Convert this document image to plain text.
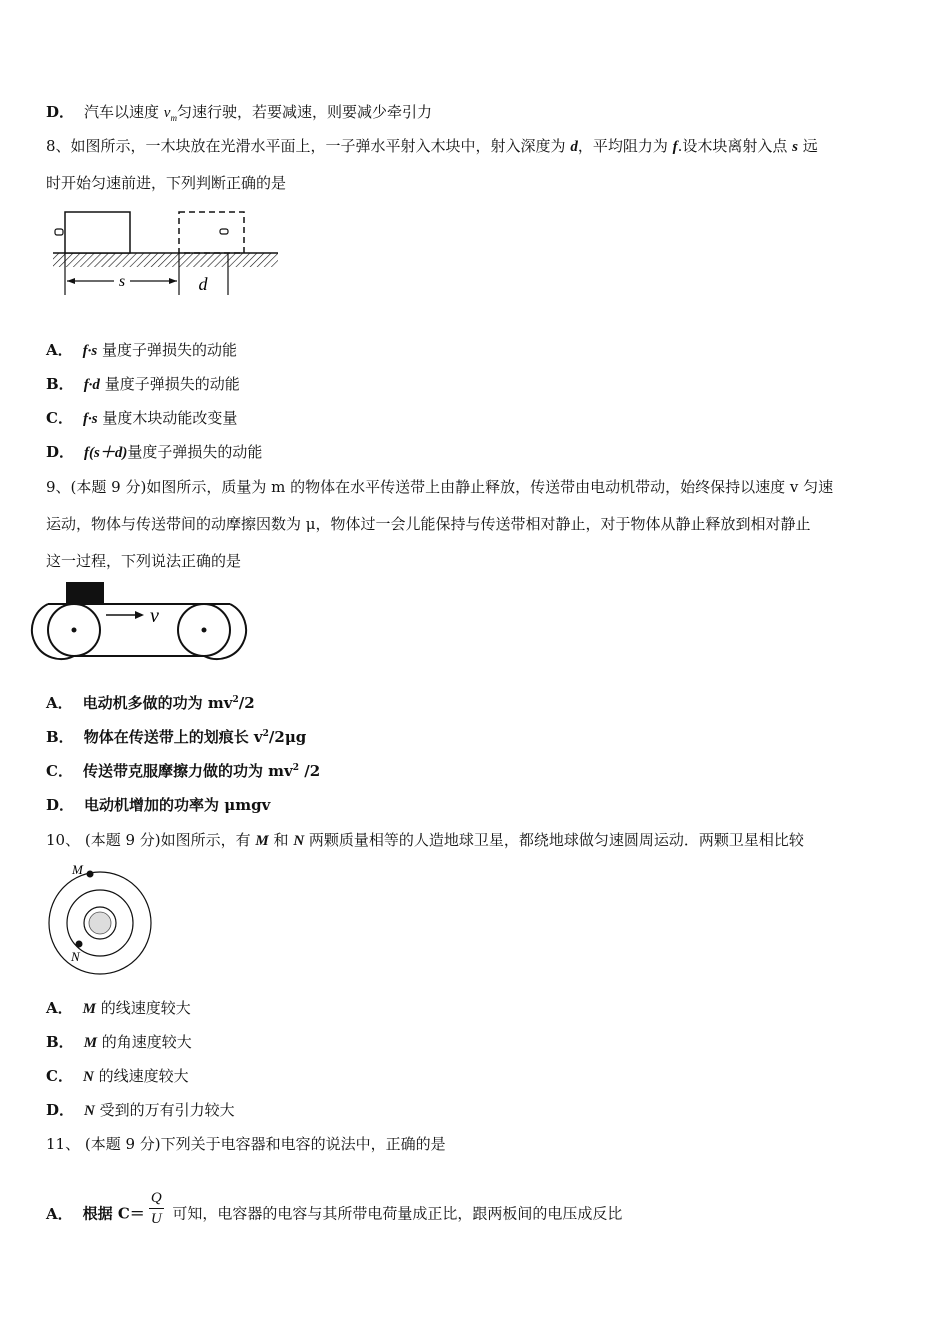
D． 汽车以速度 $v_m$匀速行驶，若要减速，则要减少牵引力
8、如图所示，一木块放在光滑水平面上，一子弹水平射入木块中，射入深度为 d，平均阻力为 f.设木块离射入点 s 远
时开始匀速前进，下列判断正确的是
s	d
A． f·s 量度子弹损失的动能
B． f·d 量度子弹损失的动能
C． f·s 量度木块动能改变量
D． f(s＋d)量度子弹损失的动能
9、(本题 9 分)如图所示，质量为 m 的物体在水平传送带上由静止释放，传送带由电动机带动，始终保持以速度 v 匀速
运动，物体与传送带间的动摩擦因数为 μ，物体过一会儿能保持与传送带相对静止，对于物体从静止释放到相对静止
这一过程，下列说法正确的是
v
A． 电动机多做的功为 $mv^2/2$
B． 物体在传送带上的划痕长 $v^2/2\mu g$
C． 传送带克服摩擦力做的功为 $mv^2$ /2
D． 电动机增加的功率为 μmgv
10、 (本题 9 分)如图所示，有 M 和 N 两颗质量相等的人造地球卫星，都绕地球做匀速圆周运动．两颗卫星相比较
M
N
A． M 的线速度较大
B． M 的角速度较大
C． N 的线速度较大
D． N 受到的万有引力较大
11、 (本题 9 分)下列关于电容器和电容的说法中，正确的是
A． 根据 $C= \frac{Q}{U}$ 可知，电容器的电容与其所带电荷量成正比，跟两板间的电压成反比
